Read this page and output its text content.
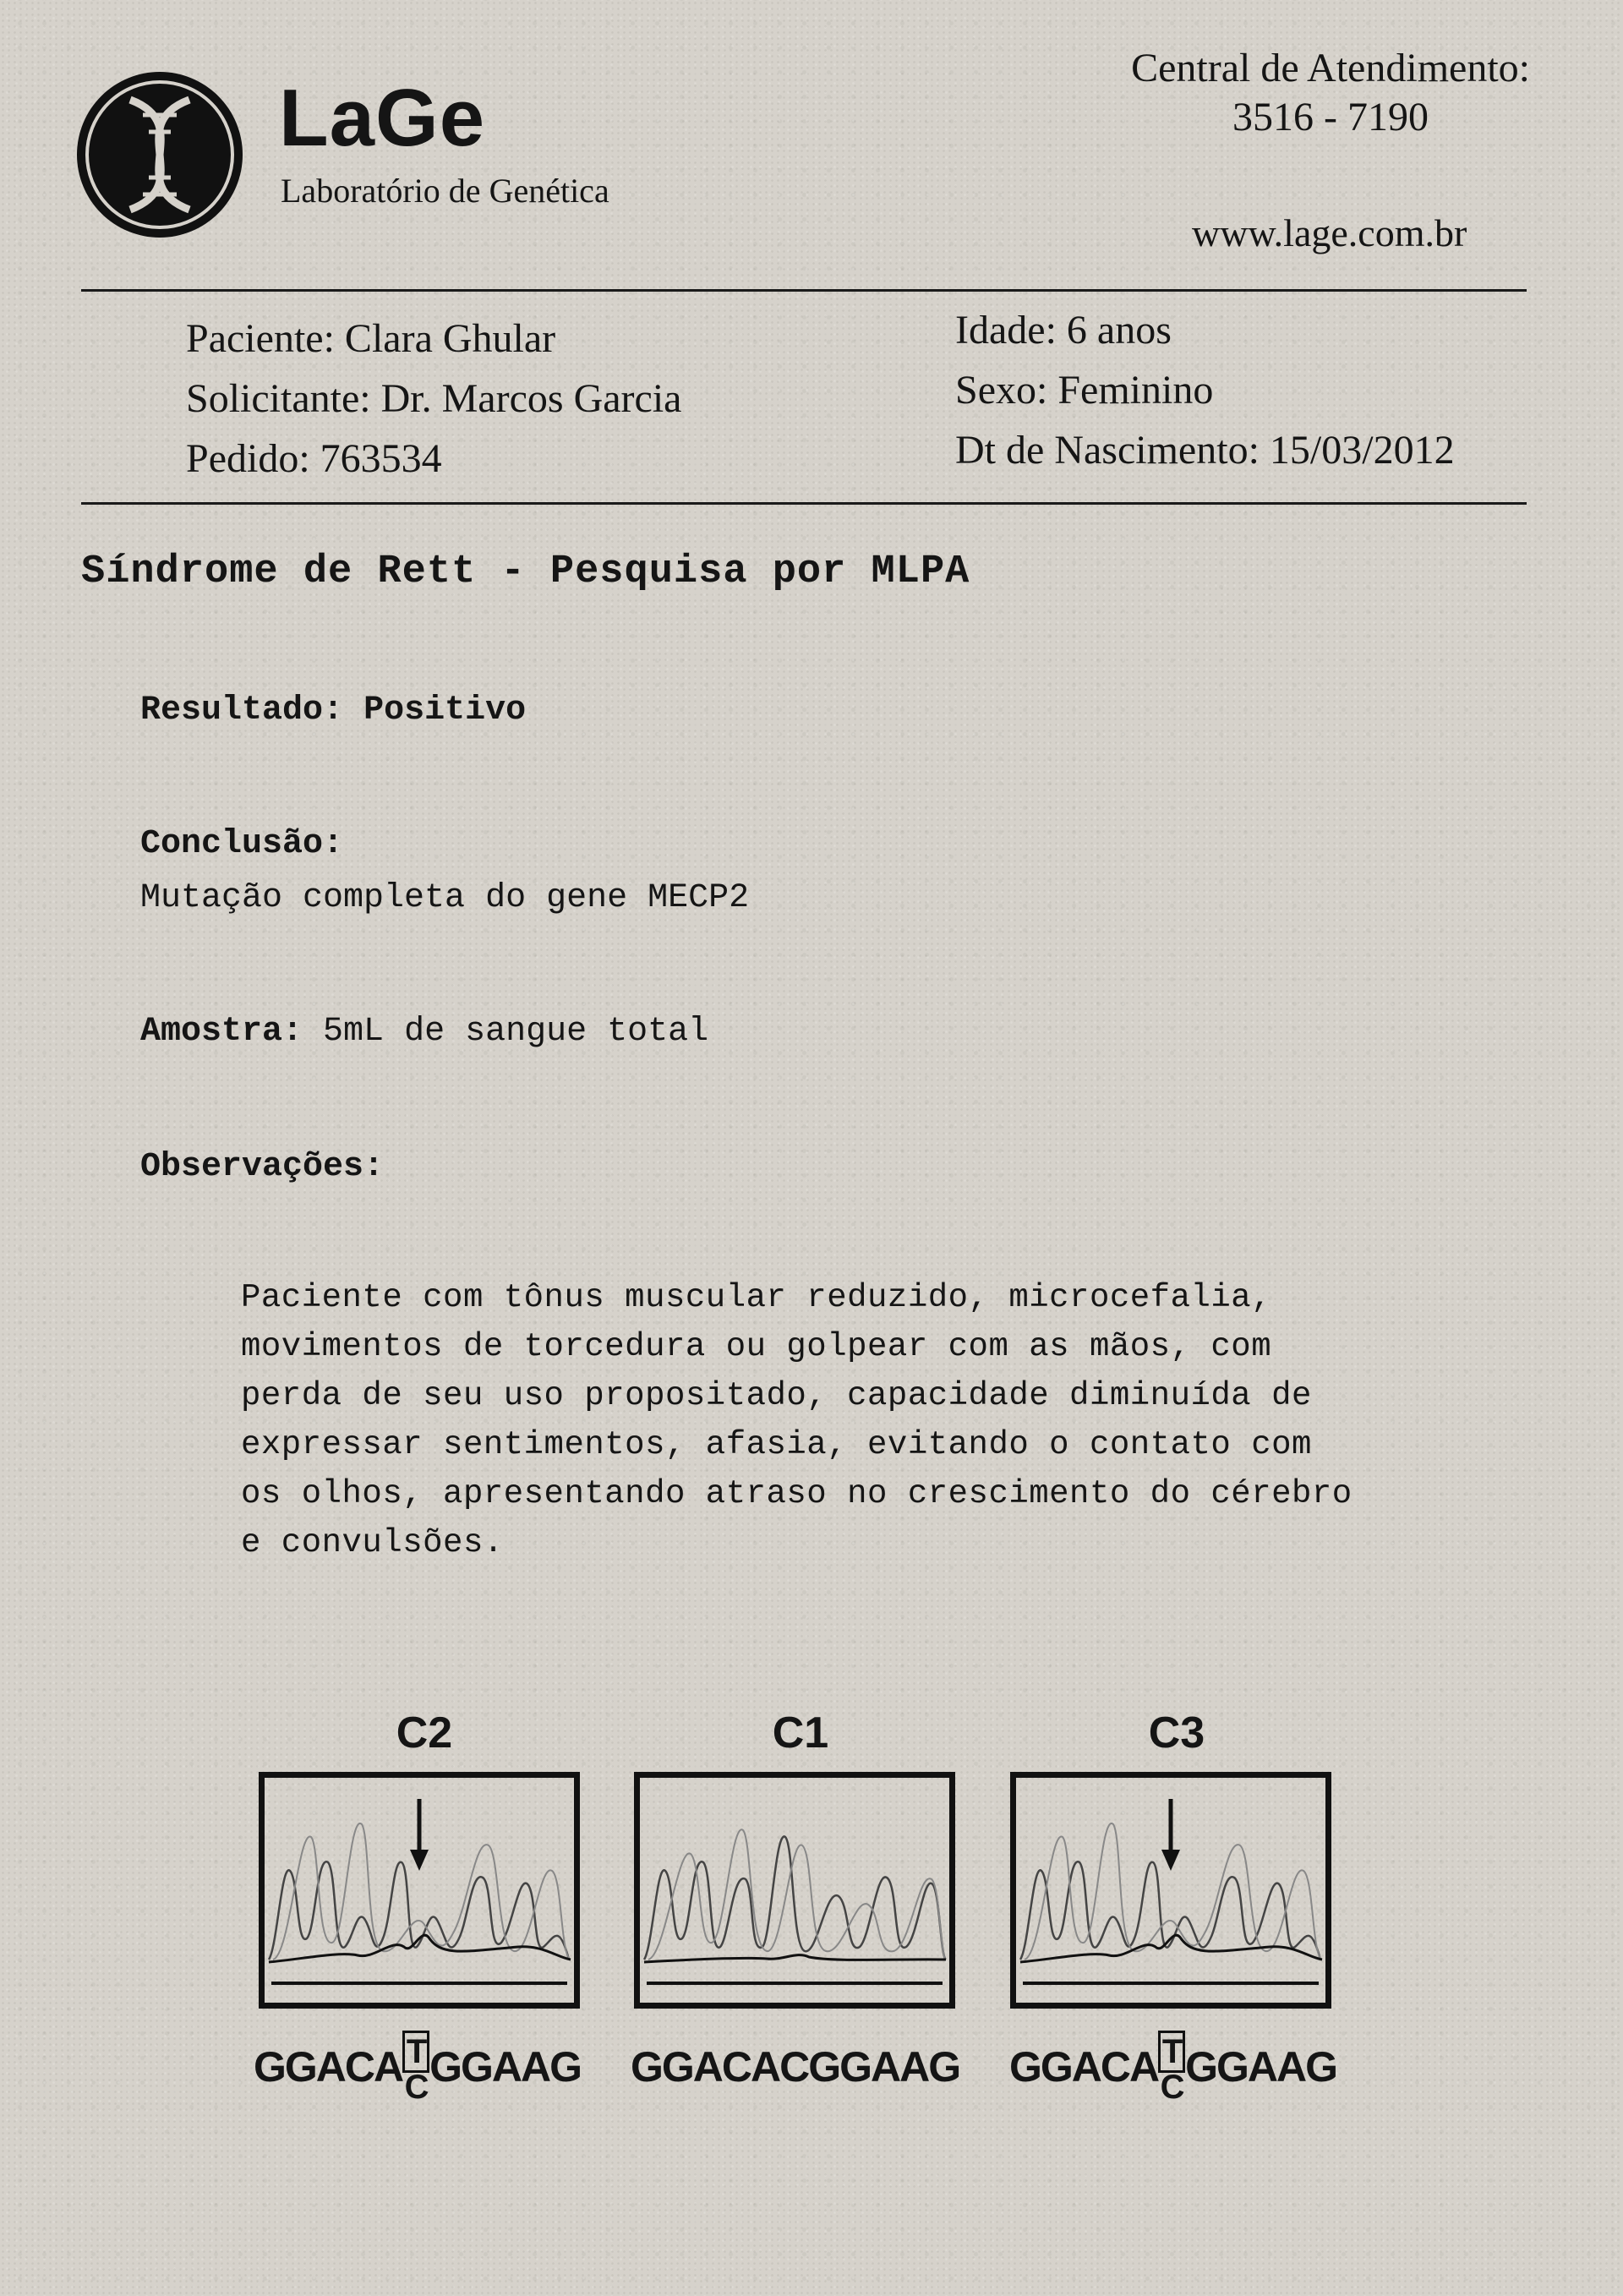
LaGe
Laboratório de Genética
Central de Atendimento:
3516 - 7190
www.lage.com.br
Paciente: Clara Ghular
Solicitante: Dr. Marcos Garcia
Pedido: 763534
Idade: 6 anos
Sexo: Feminino
Dt de Nascimento: 15/03/2012
Síndrome de Rett - Pesquisa por MLPA
Resultado: Positivo
Conclusão:
Mutação completa do gene MECP2
Amostra: 5mL de sangue total
Observações:
Paciente com tônus muscular reduzido, microcefalia,
movimentos de torcedura ou golpear com as mãos, com
perda de seu uso propositado, capacidade diminuída de
expressar sentimentos, afasia, evitando o contato com
os olhos, apresentando atraso no crescimento do cérebro
e convulsões.
C2	C1	C3
GGACA $\frac{T}{C}$ GGAAG GGACACGGAAG GGACA $\frac{T}{C}$ GGAAG
